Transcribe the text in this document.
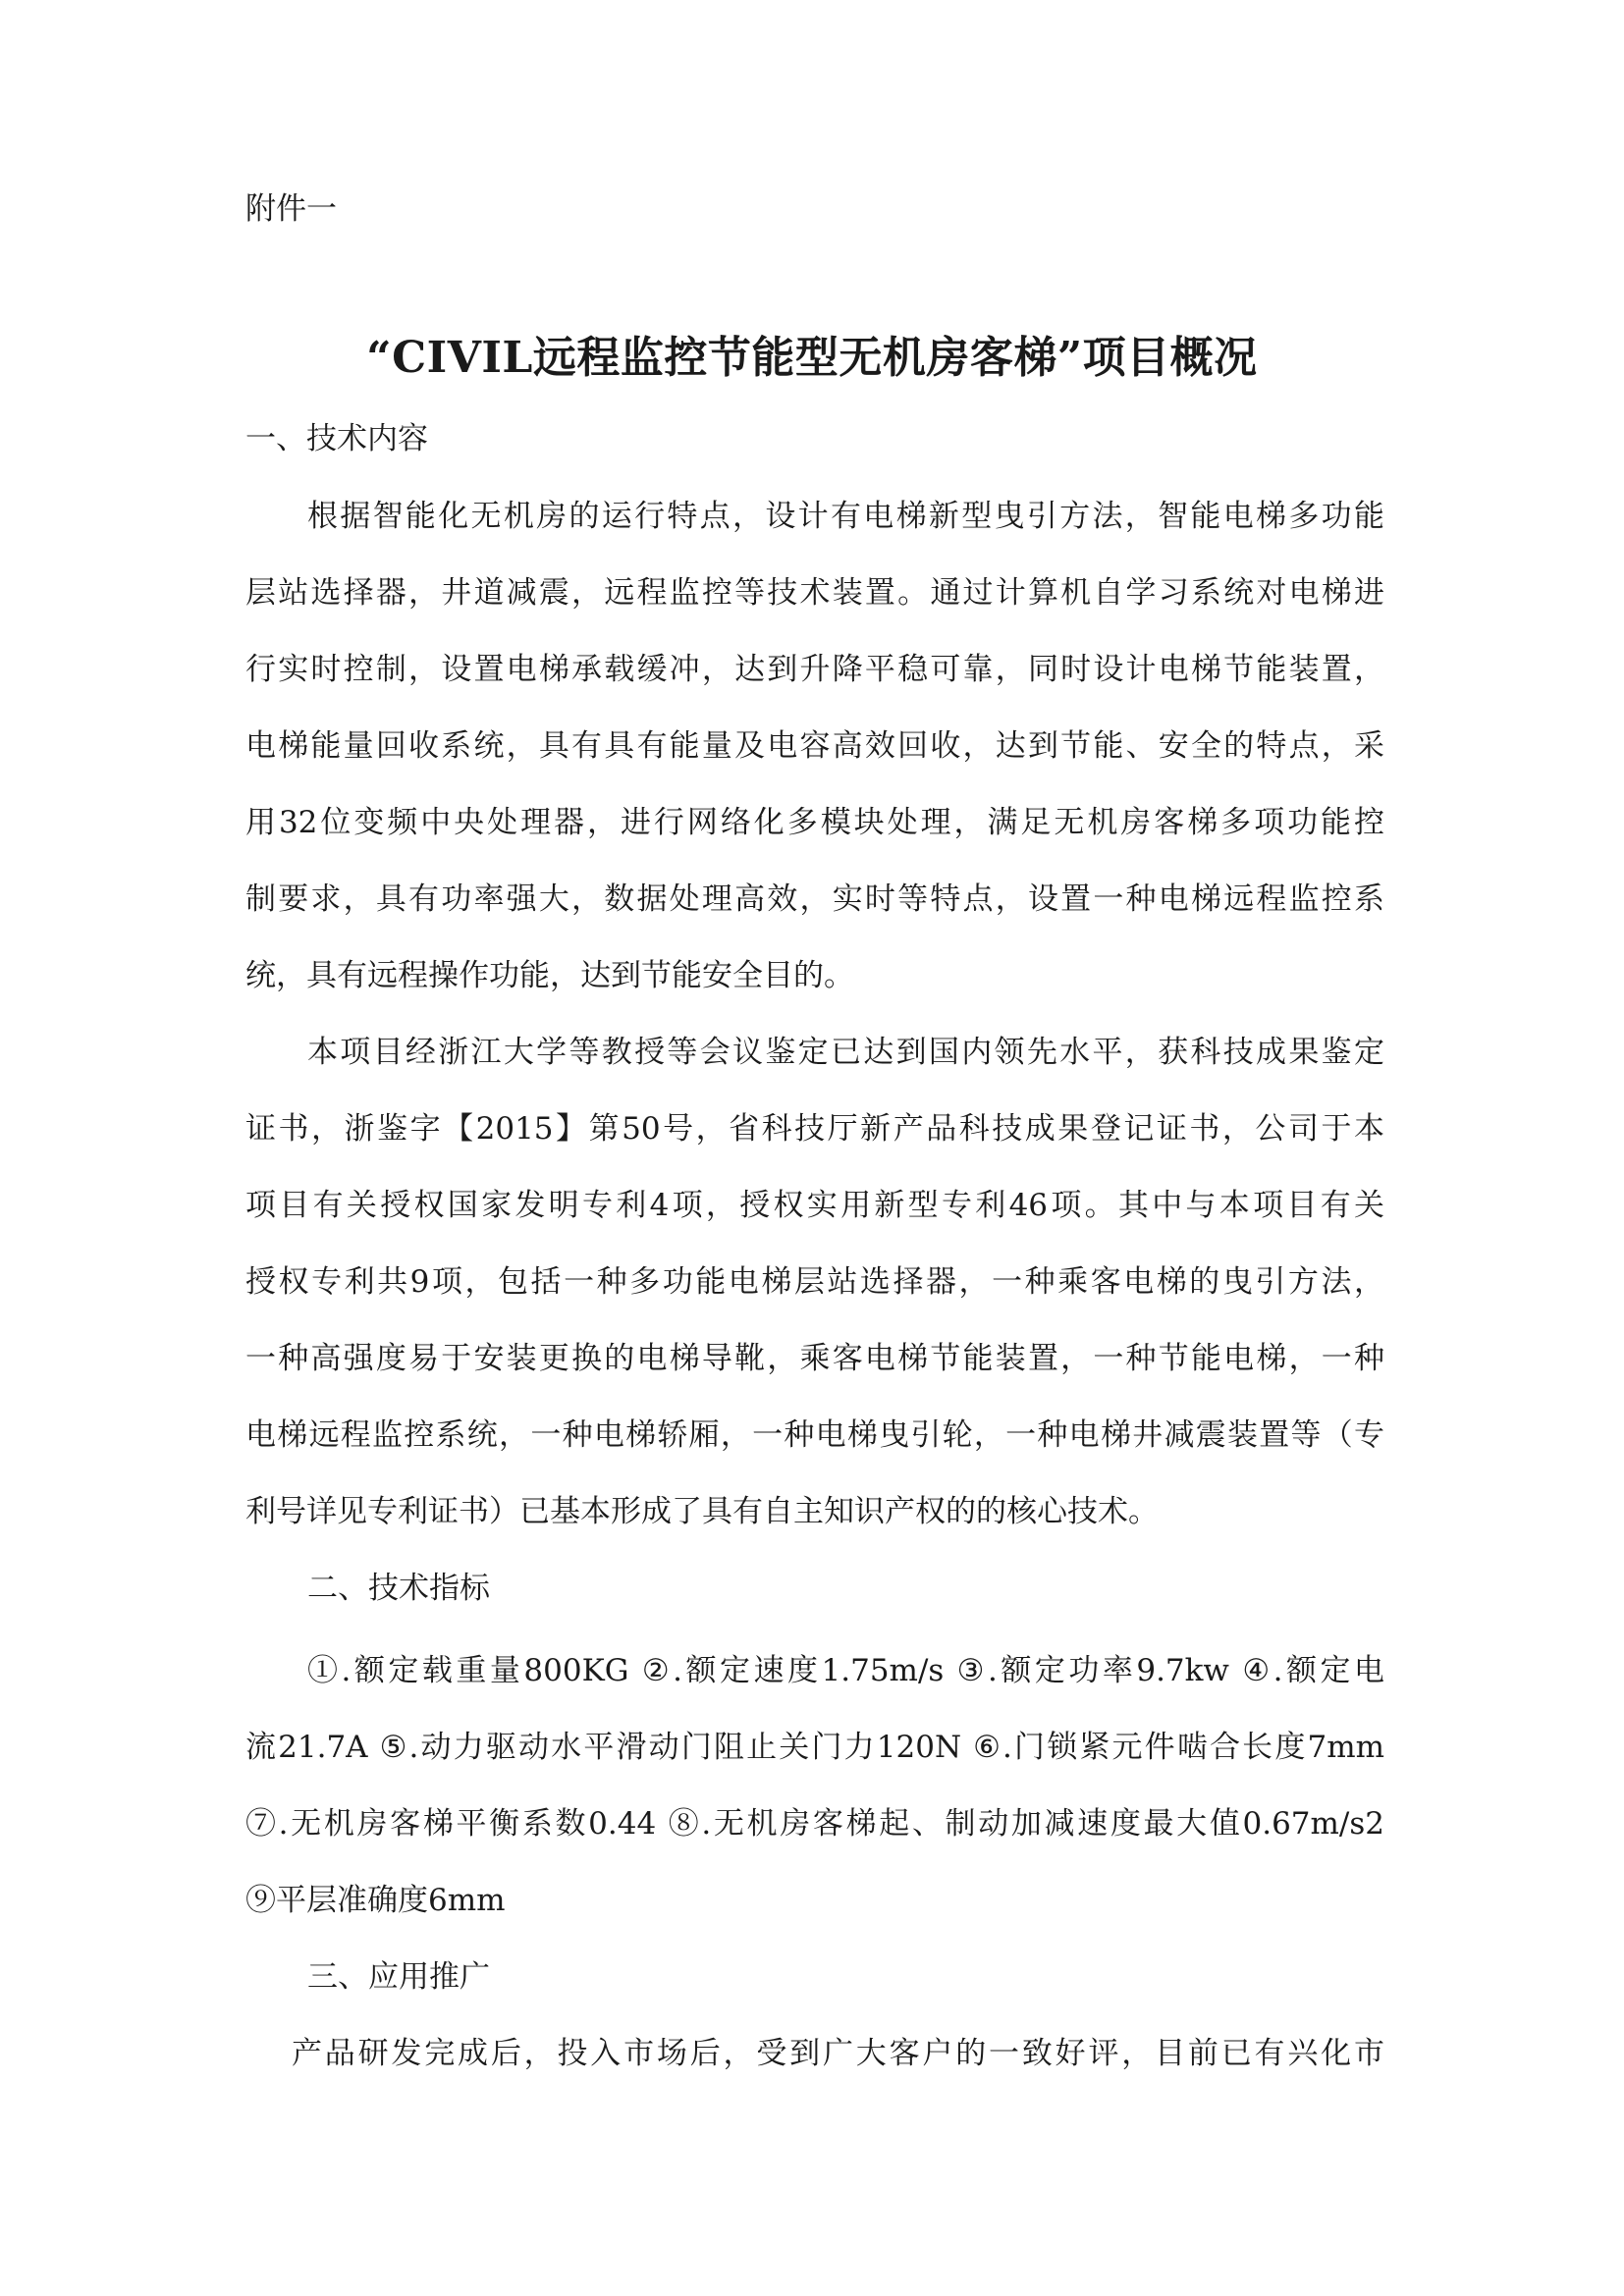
附件一
“CIVIL远程监控节能型无机房客梯”项目概况
一、技术内容
根据智能化无机房的运行特点，设计有电梯新型曳引方法，智能电梯多功能
层站选择器，井道减震，远程监控等技术装置。通过计算机自学习系统对电梯进
行实时控制，设置电梯承载缓冲，达到升降平稳可靠，同时设计电梯节能装置，
电梯能量回收系统，具有具有能量及电容高效回收，达到节能、安全的特点，采
用32位变频中央处理器，进行网络化多模块处理，满足无机房客梯多项功能控
制要求，具有功率强大，数据处理高效，实时等特点，设置一种电梯远程监控系
统，具有远程操作功能，达到节能安全目的。
本项目经浙江大学等教授等会议鉴定已达到国内领先水平，获科技成果鉴定
证书，浙鉴字【2015】第50号，省科技厅新产品科技成果登记证书，公司于本
项目有关授权国家发明专利4项，授权实用新型专利46项。其中与本项目有关
授权专利共9项，包括一种多功能电梯层站选择器，一种乘客电梯的曳引方法，
一种高强度易于安装更换的电梯导靴，乘客电梯节能装置，一种节能电梯，一种
电梯远程监控系统，一种电梯轿厢，一种电梯曳引轮，一种电梯井减震装置等（专
利号详见专利证书）已基本形成了具有自主知识产权的的核心技术。
二、技术指标
①.额定载重量800KG ②.额定速度1.75m/s ③.额定功率9.7kw ④.额定电
流21.7A ⑤.动力驱动水平滑动门阻止关门力120N ⑥.门锁紧元件啮合长度7mm
⑦.无机房客梯平衡系数0.44 ⑧.无机房客梯起、制动加减速度最大值0.67m/s2
⑨平层准确度6mm
三、应用推广
产品研发完成后，投入市场后，受到广大客户的一致好评，目前已有兴化市
